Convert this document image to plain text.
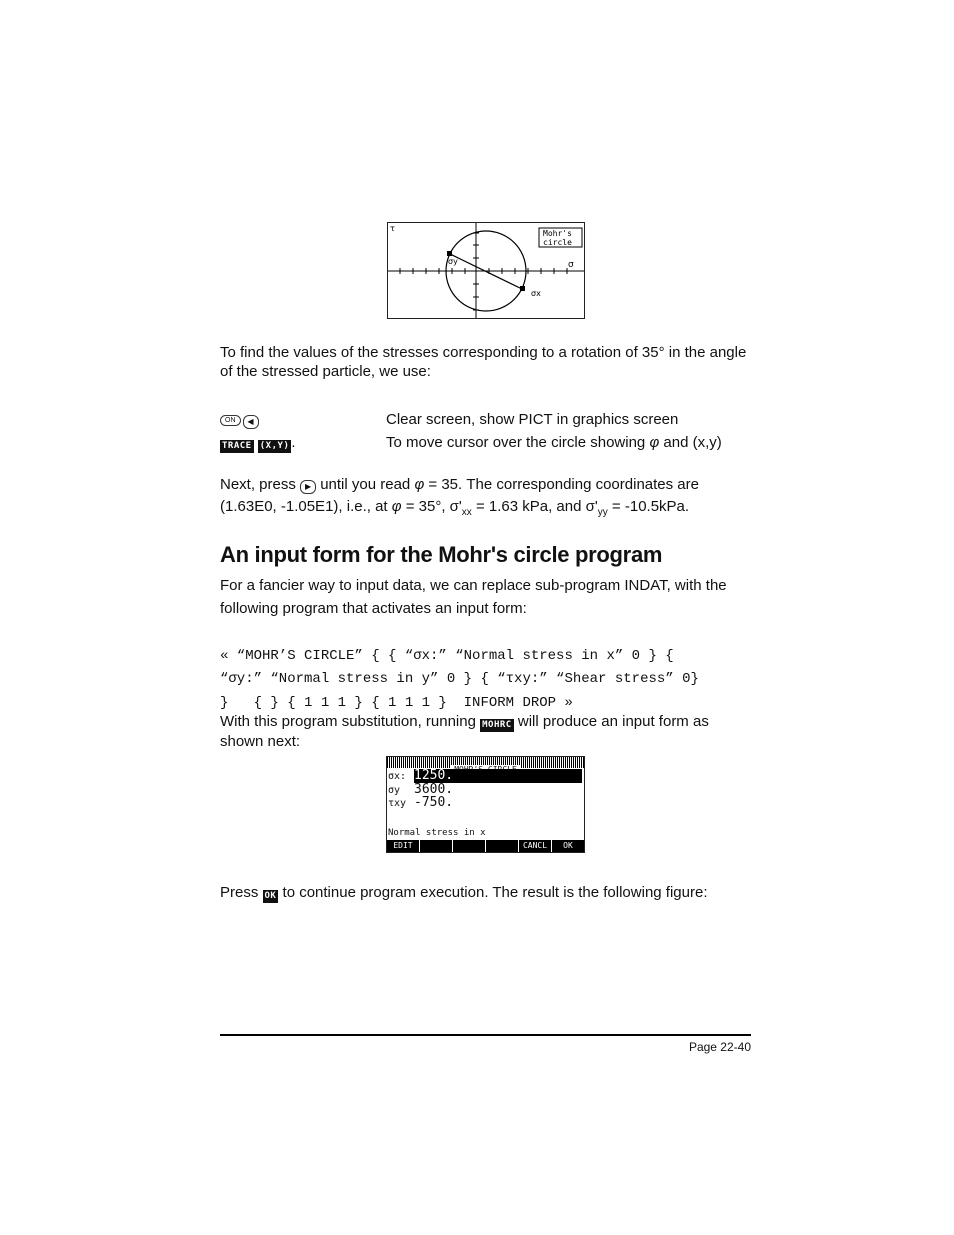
τ
Mohr's
circle
σ
σy
σx
To find the values of the stresses corresponding to a rotation of 35° in the angle of the stressed particle, we use:
ON ◀	Clear screen, show PICT in graphics screen
TRACE (X,Y) .	To move cursor over the circle showing φ and (x,y)
Next, press ▶ until you read φ = 35. The corresponding coordinates are
(1.63E0, -1.05E1), i.e., at φ = 35°, $\sigma'_{xx} = 1.63$ kPa, and $\sigma'_{yy} = -10.5kPa$.
An input form for the Mohr's circle program
For a fancier way to input data, we can replace sub-program INDAT, with the
following program that activates an input form:
« “MOHR’S CIRCLE” { { “σx:” “Normal stress in x” 0 } {
“σy:” “Normal stress in y” 0 } { “τxy:” “Shear stress” 0}
}   { } { 1 1 1 } { 1 1 1 }  INFORM DROP »
With this program substitution, running MOHRC will produce an input form as
shown next:
σx: 1250.
σy 3600.
τxy -750.
Normal stress in x
EDIT	CANCL	OK
Press OK to continue program execution. The result is the following figure:
Page 22-40
